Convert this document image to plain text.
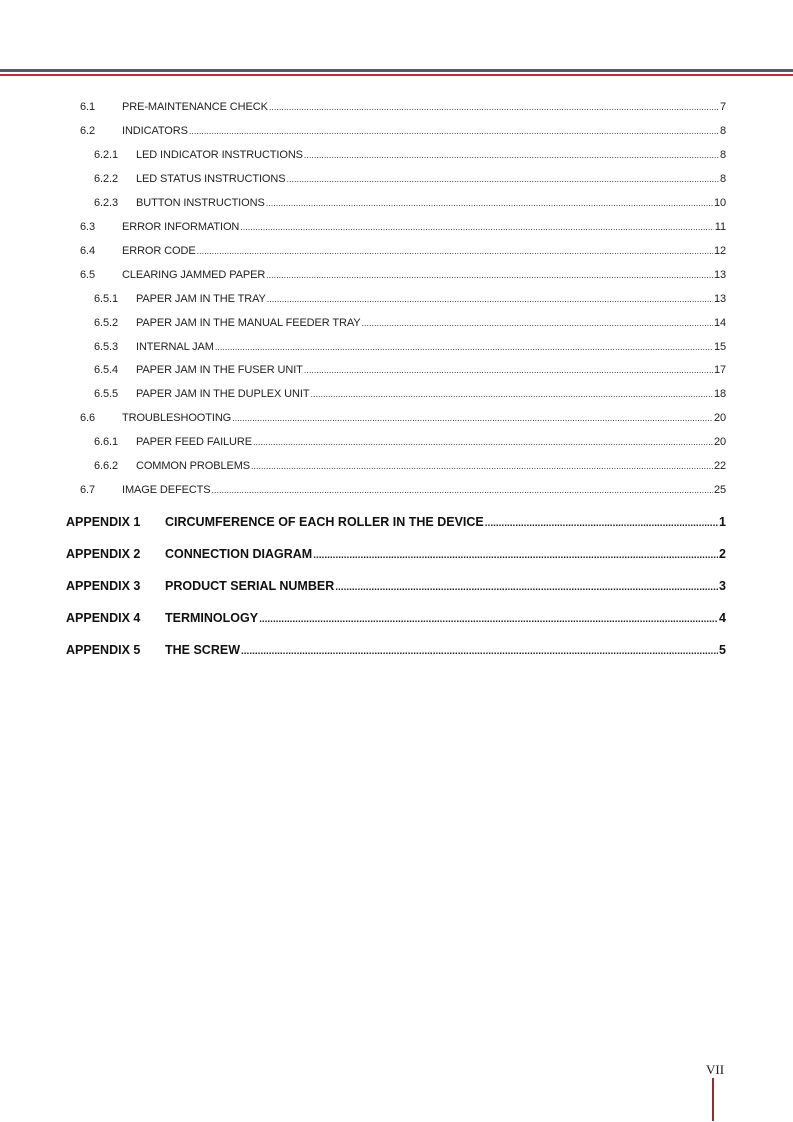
6.1	PRE-MAINTENANCE CHECK .....	7
6.2	INDICATORS .....	8
6.2.1	LED INDICATOR INSTRUCTIONS .....	8
6.2.2	LED STATUS INSTRUCTIONS .....	8
6.2.3	BUTTON INSTRUCTIONS .....	10
6.3	ERROR INFORMATION .....	11
6.4	ERROR CODE .....	12
6.5	CLEARING JAMMED PAPER .....	13
6.5.1	PAPER JAM IN THE TRAY .....	13
6.5.2	PAPER JAM IN THE MANUAL FEEDER TRAY .....	14
6.5.3	INTERNAL JAM .....	15
6.5.4	PAPER JAM IN THE FUSER UNIT .....	17
6.5.5	PAPER JAM IN THE DUPLEX UNIT .....	18
6.6	TROUBLESHOOTING .....	20
6.6.1	PAPER FEED FAILURE .....	20
6.6.2	COMMON PROBLEMS .....	22
6.7	IMAGE DEFECTS .....	25
APPENDIX 1	CIRCUMFERENCE OF EACH ROLLER IN THE DEVICE .....	1
APPENDIX 2	CONNECTION DIAGRAM .....	2
APPENDIX 3	PRODUCT SERIAL NUMBER .....	3
APPENDIX 4	TERMINOLOGY .....	4
APPENDIX 5	THE SCREW .....	5
VII
